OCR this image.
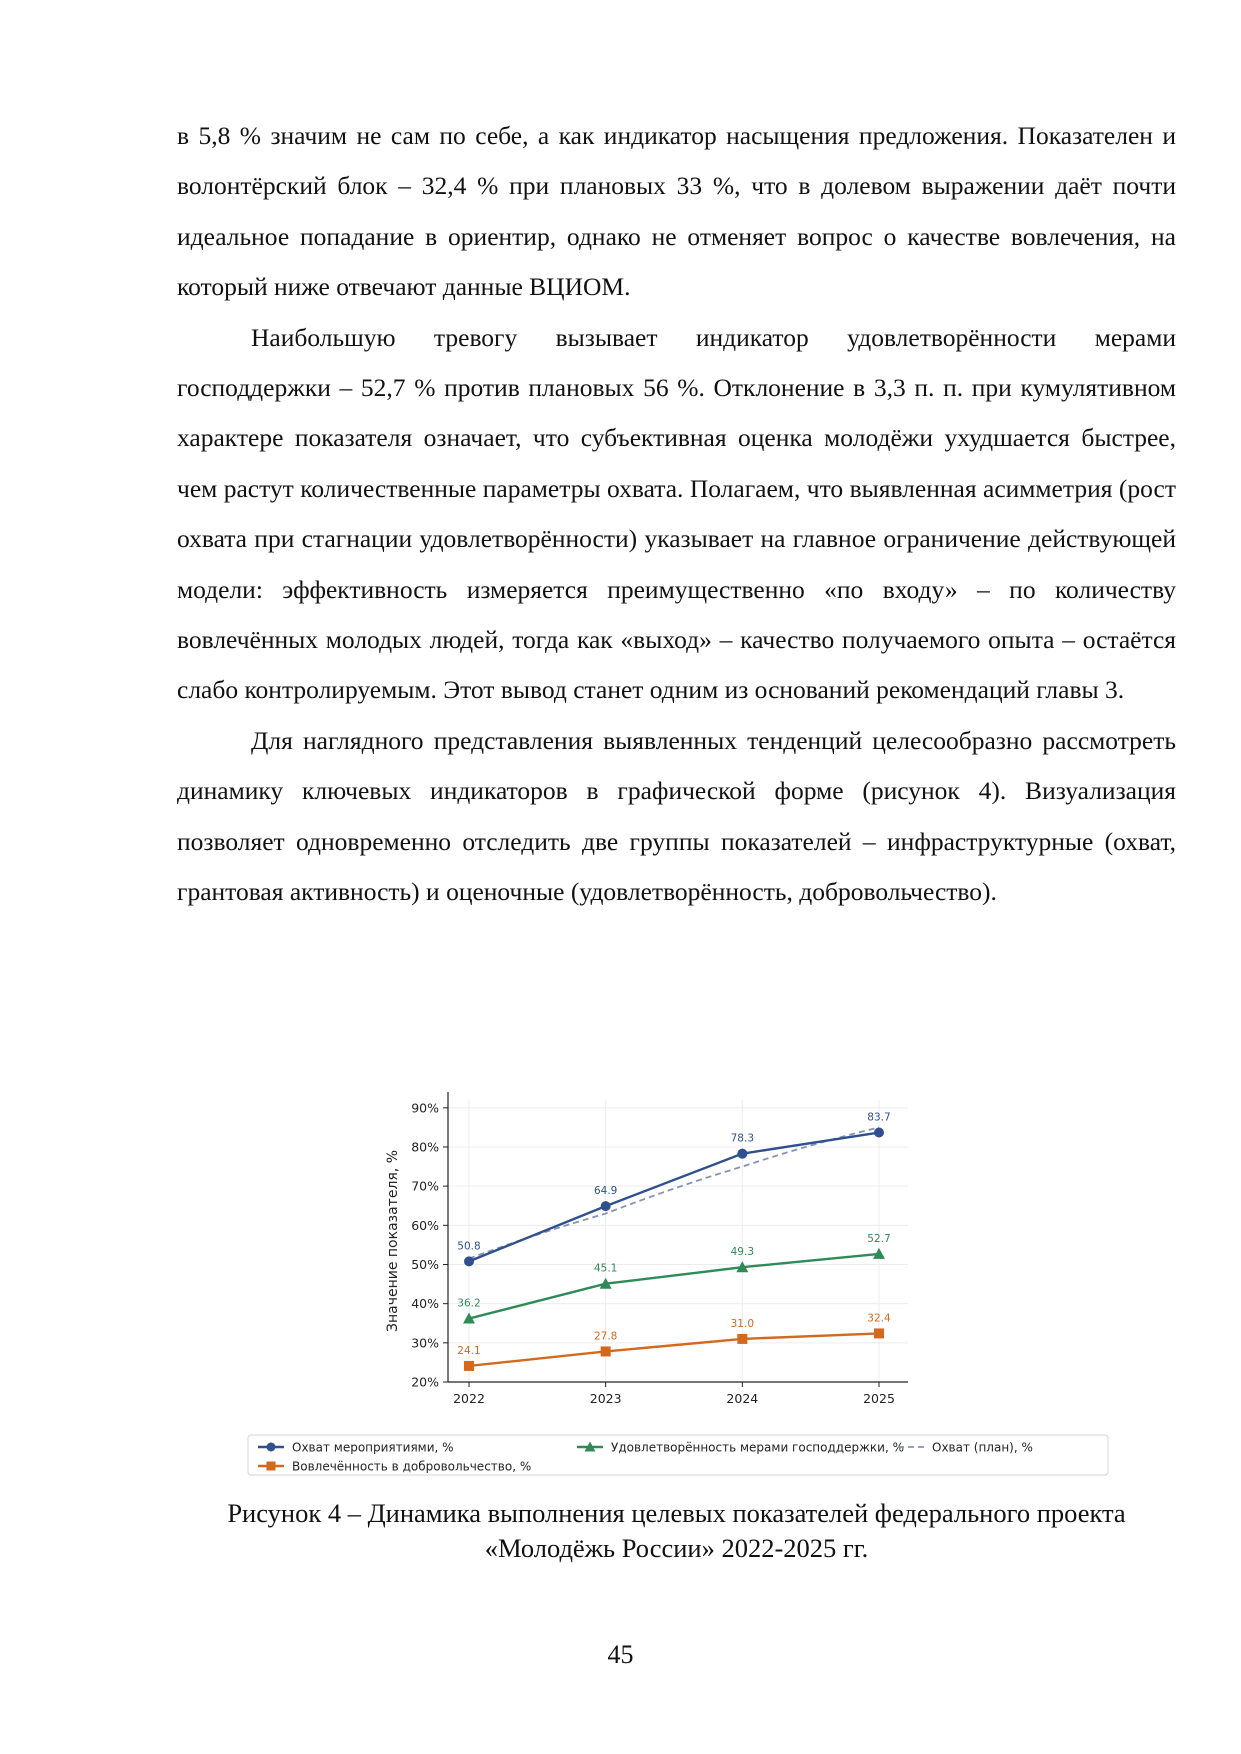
в 5,8 % значим не сам по себе, а как индикатор насыщения предложения. Показателен и волонтёрский блок – 32,4 % при плановых 33 %, что в долевом выражении даёт почти идеальное попадание в ориентир, однако не отменяет вопрос о качестве вовлечения, на который ниже отвечают данные ВЦИОМ.

Наибольшую тревогу вызывает индикатор удовлетворённости мерами господдержки – 52,7 % против плановых 56 %. Отклонение в 3,3 п. п. при кумулятивном характере показателя означает, что субъективная оценка молодёжи ухудшается быстрее, чем растут количественные параметры охвата. Полагаем, что выявленная асимметрия (рост охвата при стагнации удовлетворённости) указывает на главное ограничение действующей модели: эффективность измеряется преимущественно «по входу» – по количеству вовлечённых молодых людей, тогда как «выход» – качество получаемого опыта – остаётся слабо контролируемым. Этот вывод станет одним из оснований рекомендаций главы 3.

Для наглядного представления выявленных тенденций целесообразно рассмотреть динамику ключевых индикаторов в графической форме (рисунок 4). Визуализация позволяет одновременно отследить две группы показателей – инфраструктурные (охват, грантовая активность) и оценочные (удовлетворённость, добровольчество).

20%
30%
40%
50%
60%
70%
80%
90%
2022	2023	2024	2025
Значение показателя, %	50.8
64.9
78.3
83.7
36.2
45.1
49.3
52.7
24.1
27.8
31.0	32.4
Охват мероприятиями, %	Удовлетворённость мерами господдержки, % Охват (план), %
Вовлечённость в добровольчество, %
Рисунок 4 – Динамика выполнения целевых показателей федерального проекта
«Молодёжь России» 2022-2025 гг.
45
